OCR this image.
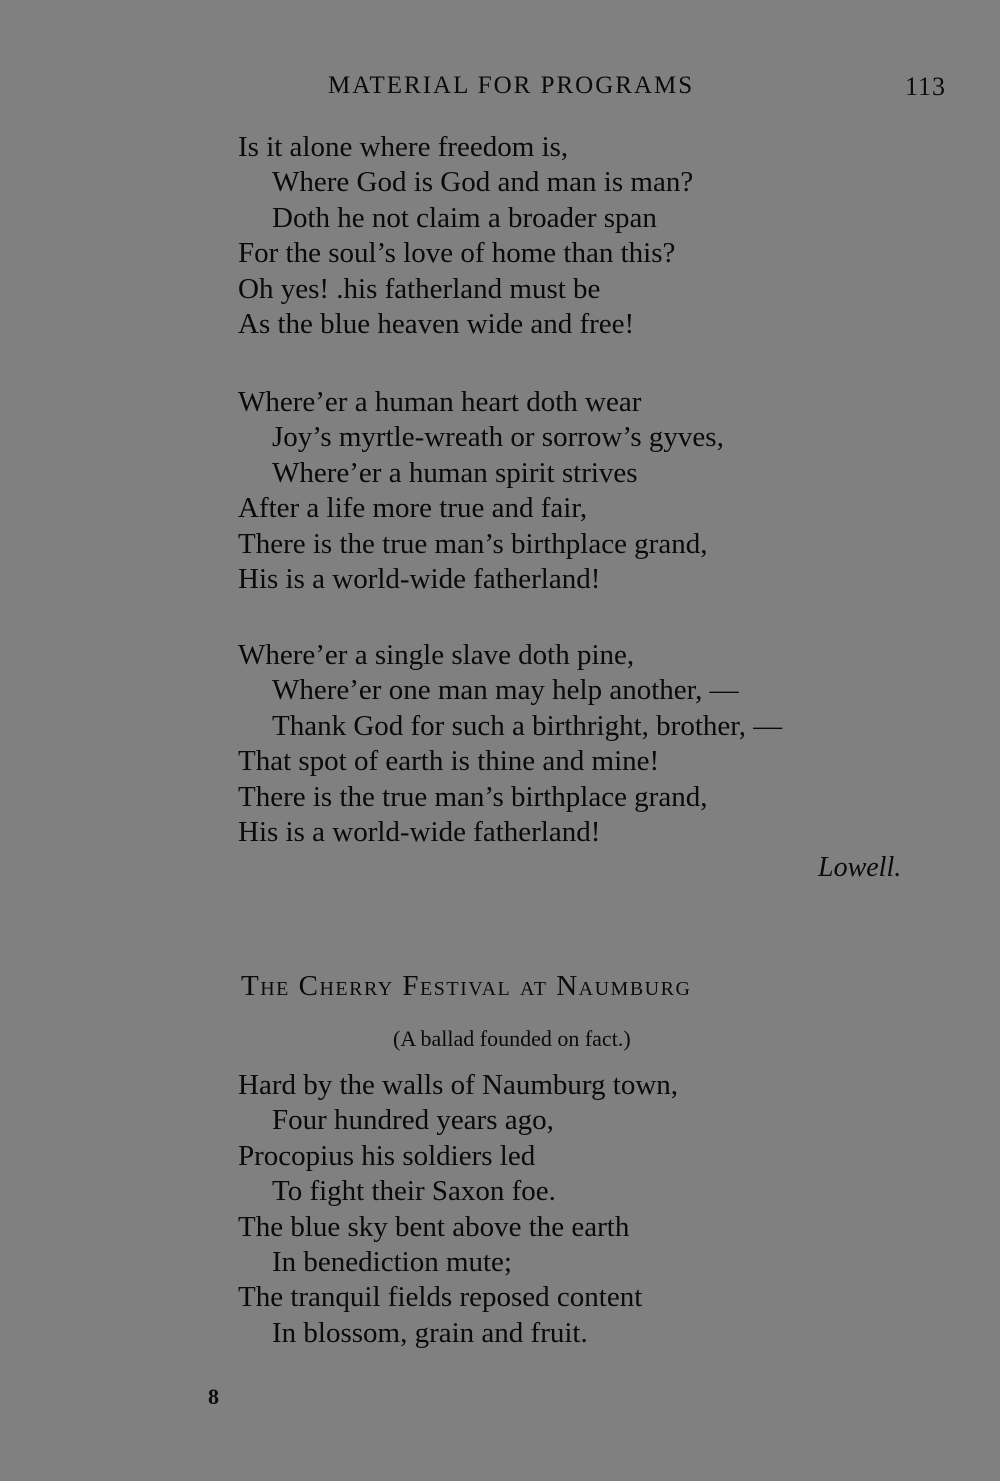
MATERIAL FOR PROGRAMS	113
Is it alone where freedom is,
Where God is God and man is man?
Doth he not claim a broader span
For the soul’s love of home than this?
Oh yes! .his fatherland must be
As the blue heaven wide and free!
Where’er a human heart doth wear
Joy’s myrtle-wreath or sorrow’s gyves,
Where’er a human spirit strives
After a life more true and fair,
There is the true man’s birthplace grand,
His is a world-wide fatherland!
Where’er a single slave doth pine,
Where’er one man may help another, —
Thank God for such a birthright, brother, —
That spot of earth is thine and mine!
There is the true man’s birthplace grand,
His is a world-wide fatherland!
Lowell.
The Cherry Festival at Naumburg
(A ballad founded on fact.)
Hard by the walls of Naumburg town,
Four hundred years ago,
Procopius his soldiers led
To fight their Saxon foe.
The blue sky bent above the earth
In benediction mute;
The tranquil fields reposed content
In blossom, grain and fruit.
8
